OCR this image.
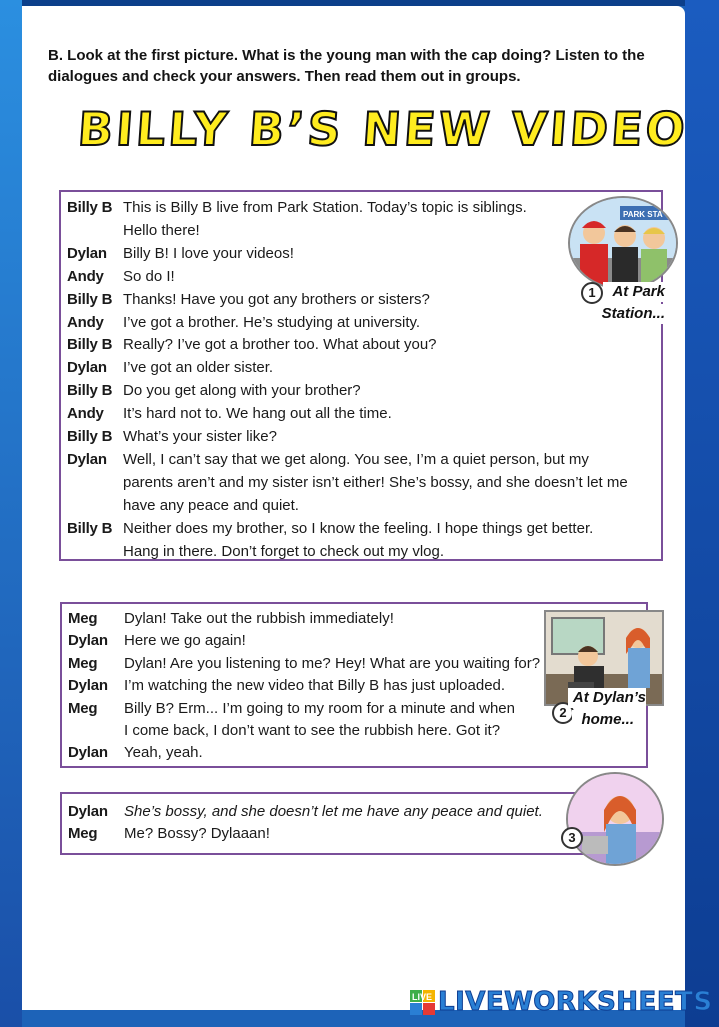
B. Look at the first picture. What is the young man with the cap doing? Listen to the dialogues and check your answers. Then read them out in groups.
BILLY B’S NEW VIDEO
Billy B This is Billy B live from Park Station. Today’s topic is siblings.
Hello there!
Dylan Billy B! I love your videos!
Andy So do I!
Billy B Thanks! Have you got any brothers or sisters?
Andy I’ve got a brother. He’s studying at university.
Billy B Really? I’ve got a brother too. What about you?
Dylan I’ve got an older sister.
Billy B Do you get along with your brother?
Andy It’s hard not to. We hang out all the time.
Billy B What’s your sister like?
Dylan Well, I can’t say that we get along. You see, I’m a quiet person, but my
parents aren’t and my sister isn’t either! She’s bossy, and she doesn’t let me
have any peace and quiet.
Billy B Neither does my brother, so I know the feeling. I hope things get better.
Hang in there. Don’t forget to check out my vlog.
PARK STA
1	At Park
Station...
Meg Dylan! Take out the rubbish immediately!
Dylan Here we go again!
Meg Dylan! Are you listening to me? Hey! What are you waiting for?
Dylan I’m watching the new video that Billy B has just uploaded.
Meg Billy B? Erm... I’m going to my room for a minute and when
I come back, I don’t want to see the rubbish here. Got it?
Dylan Yeah, yeah.
2
At Dylan’s
home...
Dylan She’s bossy, and she doesn’t let me have any peace and quiet.
Meg Me? Bossy? Dylaaan!	3
LIVE LIVEWORKSHEETS
